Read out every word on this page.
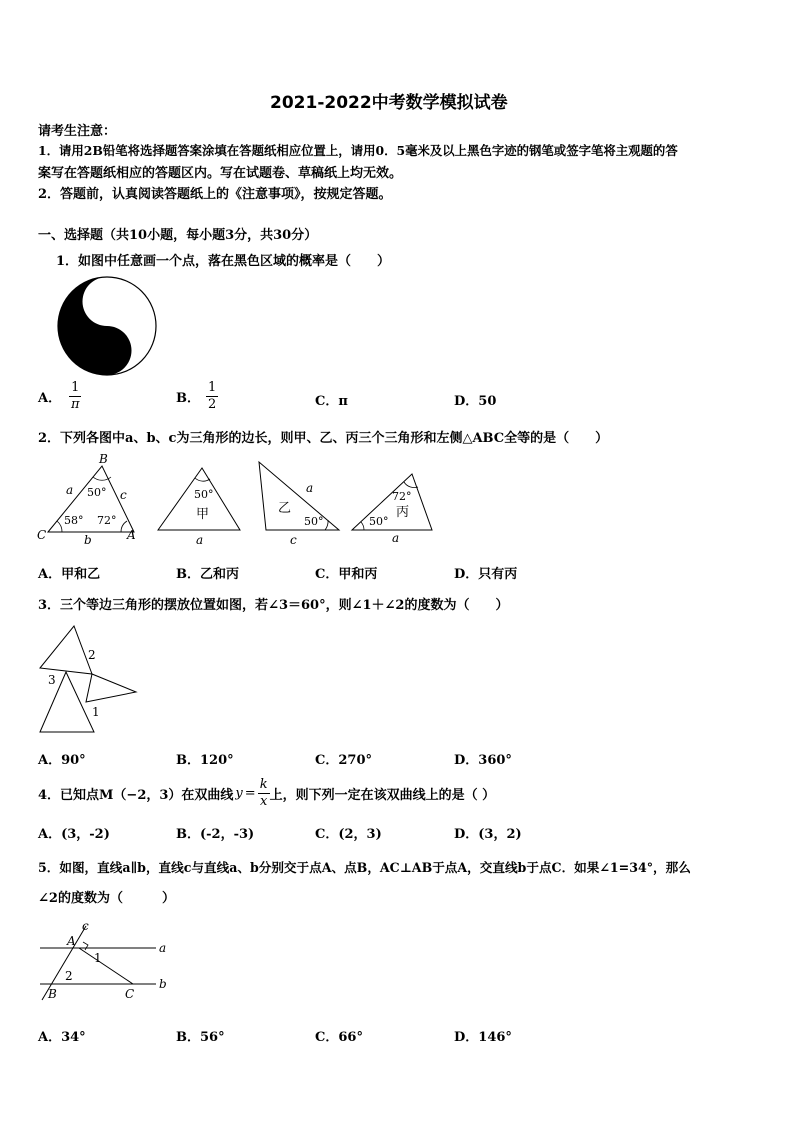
2021-2022中考数学模拟试卷
请考生注意：
1．请用2B铅笔将选择题答案涂填在答题纸相应位置上，请用0．5毫米及以上黑色字迹的钢笔或签字笔将主观题的答
案写在答题纸相应的答题区内。写在试题卷、草稿纸上均无效。
2．答题前，认真阅读答题纸上的《注意事项》，按规定答题。
一、选择题（共10小题，每小题3分，共30分）
1．如图中任意画一个点，落在黑色区域的概率是（　　）
A． $\frac{1}{\pi}$	B． $\frac{1}{2}$	C．π	D．50
2．下列各图中a、b、c为三角形的边长，则甲、乙、丙三个三角形和左侧△ABC全等的是（　　）
B
C	A
a	c
b
50°
58° 72°
50°
甲
a
乙
a
50°
c
72°
丙
50°
a
A．甲和乙	B．乙和丙	C．甲和丙	D．只有丙
3．三个等边三角形的摆放位置如图，若∠3＝60°，则∠1＋∠2的度数为（　　）
2
3
1
A．90°	B．120°	C．270°	D．360°
4．已知点M（−2，3）在双曲线 $y = \frac{k}{x}$ 上，则下列一定在该双曲线上的是（ ）
A．(3，-2)	B．(-2，-3)	C．(2，3)	D．(3，2)
5．如图，直线a∥b，直线c与直线a、b分别交于点A、点B，AC⊥AB于点A，交直线b于点C．如果∠1=34°，那么
∠2的度数为（　　　）
c
a
b
A
B	C
1
2
A．34°	B．56°	C．66°	D．146°
